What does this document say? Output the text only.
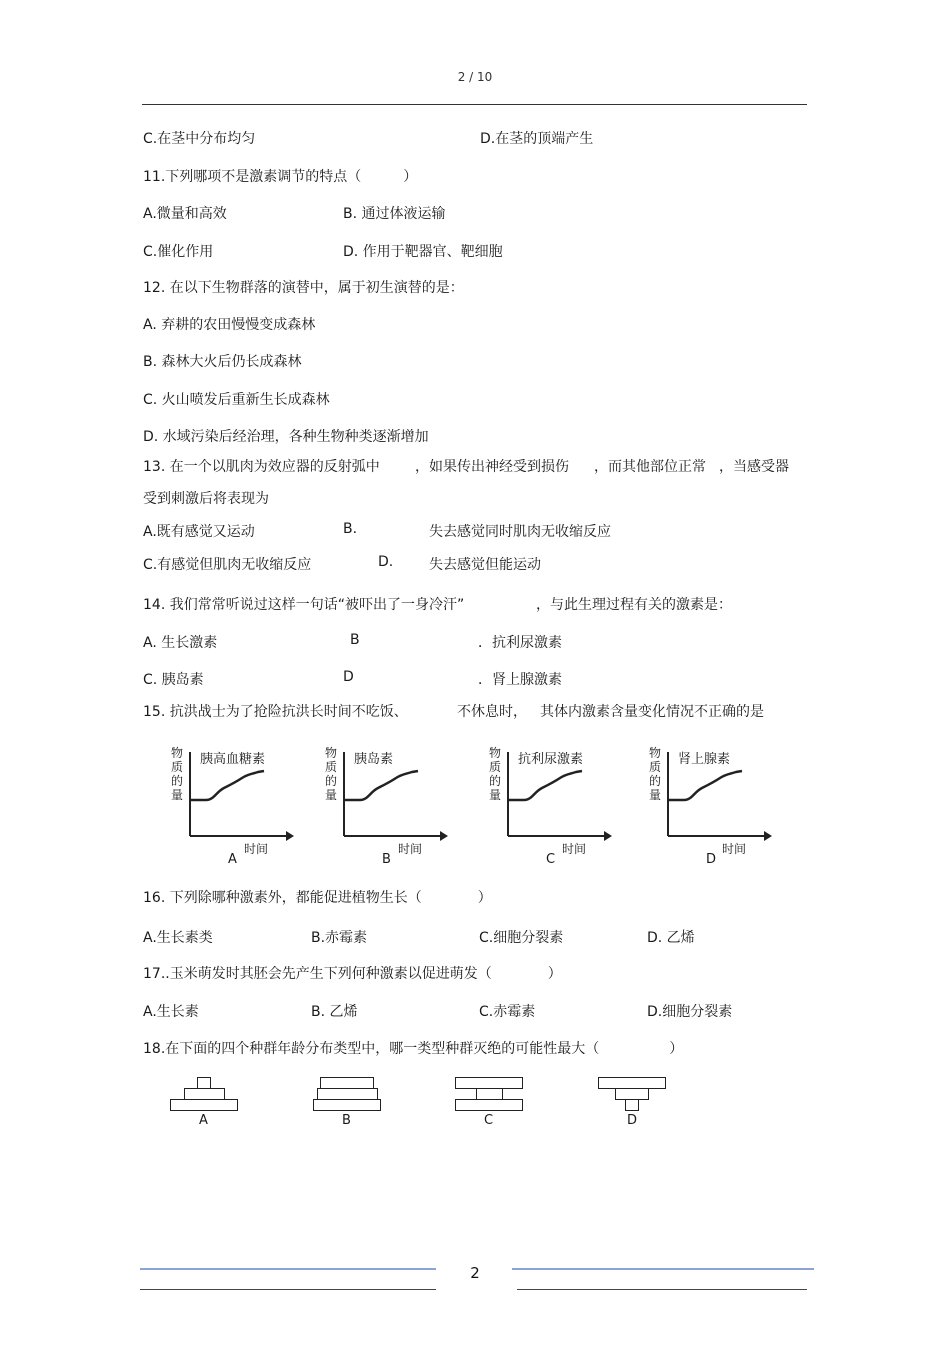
2 / 10
C.在茎中分布均匀	D.在茎的顶端产生
11.下列哪项不是激素调节的特点（　　　）
A.微量和高效	B. 通过体液运输
C.催化作用	D. 作用于靶器官、靶细胞
12. 在以下生物群落的演替中，属于初生演替的是：
A. 弃耕的农田慢慢变成森林
B. 森林大火后仍长成森林
C. 火山喷发后重新生长成森林
D. 水域污染后经治理，各种生物种类逐渐增加
13. 在一个以肌肉为效应器的反射弧中	，如果传出神经受到损伤 ，而其他部位正常 ，当感受器
受到刺激后将表现为
A.既有感觉又运动	B.	失去感觉同时肌肉无收缩反应
C.有感觉但肌肉无收缩反应	D.	失去感觉但能运动
14. 我们常常听说过这样一句话“被吓出了一身冷汗”	，与此生理过程有关的激素是：
A. 生长激素	B	．抗利尿激素
C. 胰岛素	D	．肾上腺激素
15. 抗洪战士为了抢险抗洪长时间不吃饭、	不休息时， 其体内激素含量变化情况不正确的是
物
质
的
量
胰高血糖素
时间
A
物
质
的
量
胰岛素
时间
B
物
质
的
量
抗利尿激素
时间
C
物
质
的
量
肾上腺素
时间
D
16. 下列除哪种激素外，都能促进植物生长（　　　　）
A.生长素类	B.赤霉素	C.细胞分裂素	D. 乙烯
17..玉米萌发时其胚会先产生下列何种激素以促进萌发（　　　　）
A.生长素	B. 乙烯	C.赤霉素	D.细胞分裂素
18.在下面的四个种群年龄分布类型中，哪一类型种群灭绝的可能性最大（　　　　　）
A	B	C	D
2
